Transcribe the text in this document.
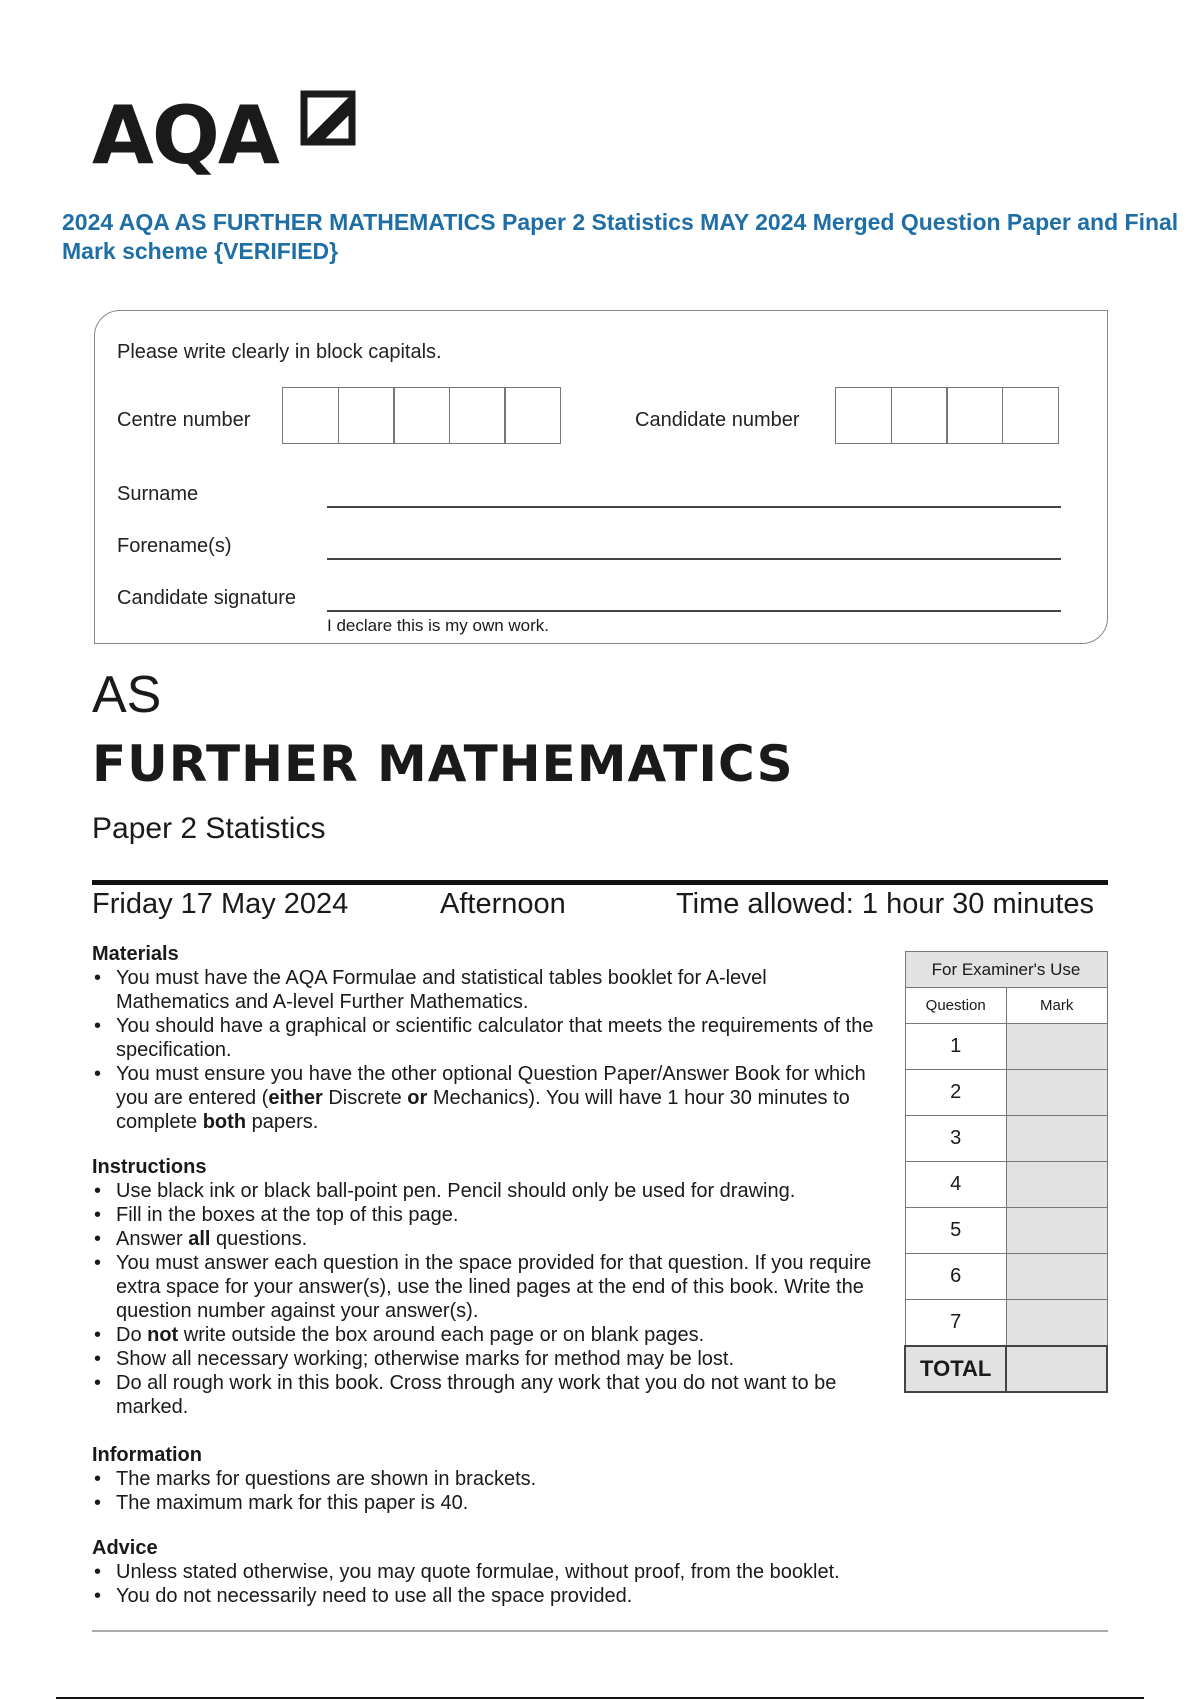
AQA
2024 AQA AS FURTHER MATHEMATICS Paper 2 Statistics MAY 2024 Merged Question Paper and Final Mark scheme {VERIFIED}
Please write clearly in block capitals.
Centre number	Candidate number
Surname
Forename(s)
Candidate signature
I declare this is my own work.
AS
FURTHER MATHEMATICS
Paper 2 Statistics
Friday 17 May 2024	Afternoon	Time allowed: 1 hour 30 minutes
Materials
• You must have the AQA Formulae and statistical tables booklet for A-level Mathematics and A-level Further Mathematics.
• You should have a graphical or scientific calculator that meets the requirements of the specification.
• You must ensure you have the other optional Question Paper/Answer Book for which you are entered (either Discrete or Mechanics). You will have 1 hour 30 minutes to complete both papers.
Instructions
• Use black ink or black ball-point pen. Pencil should only be used for drawing.
• Fill in the boxes at the top of this page.
• Answer all questions.
• You must answer each question in the space provided for that question. If you require extra space for your answer(s), use the lined pages at the end of this book. Write the question number against your answer(s).
• Do not write outside the box around each page or on blank pages.
• Show all necessary working; otherwise marks for method may be lost.
• Do all rough work in this book. Cross through any work that you do not want to be marked.
Information
• The marks for questions are shown in brackets.
• The maximum mark for this paper is 40.
Advice
• Unless stated otherwise, you may quote formulae, without proof, from the booklet.
• You do not necessarily need to use all the space provided.
For Examiner's Use	
Question	Mark
1	
2	
3	
4	
5	
6	
7	
TOTAL	
